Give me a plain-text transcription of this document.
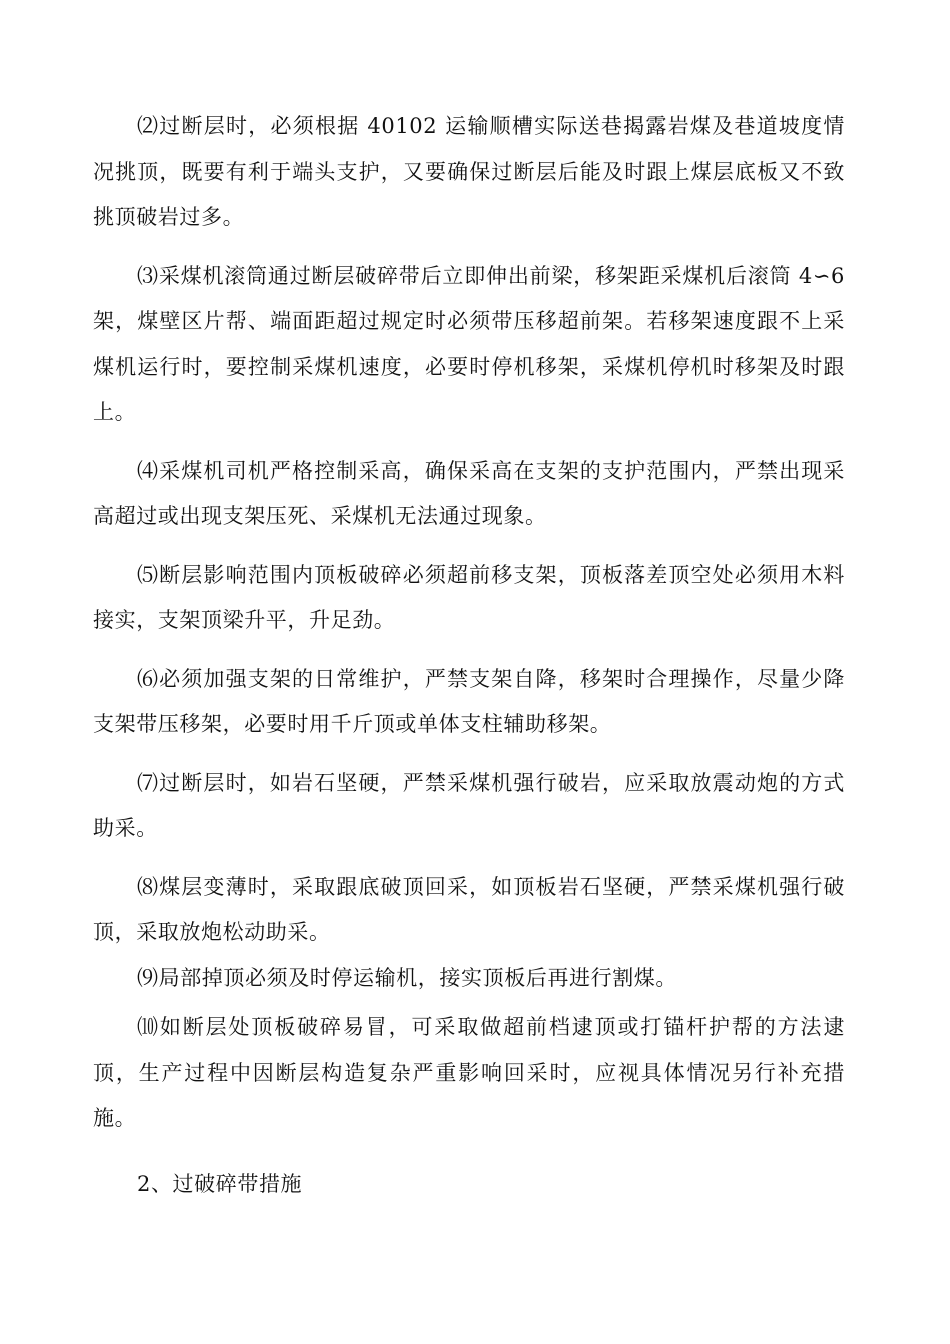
⑵过断层时，必须根据 40102 运输顺槽实际送巷揭露岩煤及巷道坡度情况挑顶，既要有利于端头支护，又要确保过断层后能及时跟上煤层底板又不致挑顶破岩过多。

⑶采煤机滚筒通过断层破碎带后立即伸出前梁，移架距采煤机后滚筒 4∽6 架，煤壁区片帮、端面距超过规定时必须带压移超前架。若移架速度跟不上采煤机运行时，要控制采煤机速度，必要时停机移架，采煤机停机时移架及时跟上。

⑷采煤机司机严格控制采高，确保采高在支架的支护范围内，严禁出现采高超过或出现支架压死、采煤机无法通过现象。

⑸断层影响范围内顶板破碎必须超前移支架，顶板落差顶空处必须用木料接实，支架顶梁升平，升足劲。

⑹必须加强支架的日常维护，严禁支架自降，移架时合理操作，尽量少降支架带压移架，必要时用千斤顶或单体支柱辅助移架。

⑺过断层时，如岩石坚硬，严禁采煤机强行破岩，应采取放震动炮的方式助采。

⑻煤层变薄时，采取跟底破顶回采，如顶板岩石坚硬，严禁采煤机强行破顶，采取放炮松动助采。

⑼局部掉顶必须及时停运输机，接实顶板后再进行割煤。

⑽如断层处顶板破碎易冒，可采取做超前档逮顶或打锚杆护帮的方法逮顶，生产过程中因断层构造复杂严重影响回采时，应视具体情况另行补充措施。

2、过破碎带措施
